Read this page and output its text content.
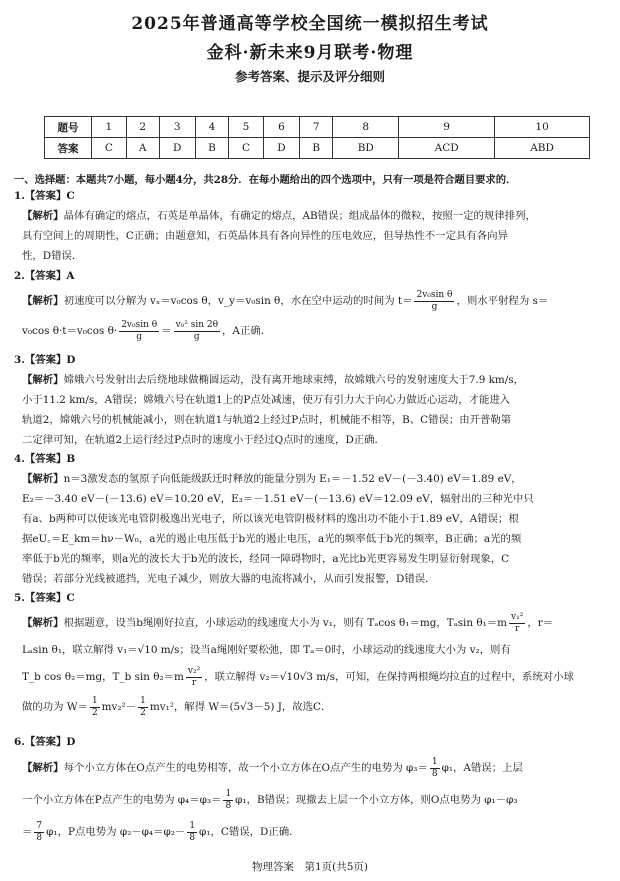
2025年普通高等学校全国统一模拟招生考试
金科·新未来9月联考·物理
参考答案、提示及评分细则
题号	1	2	3	4	5	6	7	8	9	10
答案	C	A	D	B	C	D	B	BD	ACD	ABD
一、选择题：本题共7小题，每小题4分，共28分．在每小题给出的四个选项中，只有一项是符合题目要求的．
1.【答案】C
【解析】晶体有确定的熔点，石英是单晶体，有确定的熔点，AB错误；组成晶体的微粒，按照一定的规律排列，
具有空间上的周期性，C正确；由题意知，石英晶体具有各向异性的压电效应，但导热性不一定具有各向异
性，D错误．
2.【答案】A
【解析】初速度可以分解为 vₓ＝v₀cos θ，v_y＝v₀sin θ，水在空中运动的时间为 $t= \frac{\text{2v₀sin θ}}{g}$ ，则水平射程为 s＝
v₀cos θ·t＝v₀cos $\theta\cdot \frac{\text{2v₀sin θ}}{g} = \frac{\text{v₀² sin 2θ}}{g}$ ，A正确．
3.【答案】D
【解析】嫦娥六号发射出去后绕地球做椭圆运动，没有离开地球束缚，故嫦娥六号的发射速度大于7.9 km/s，
小于11.2 km/s，A错误；嫦娥六号在轨道1上的P点处减速，使万有引力大于向心力做近心运动，才能进入
轨道2，嫦娥六号的机械能减小，则在轨道1与轨道2上经过P点时，机械能不相等，B、C错误；由开普勒第
二定律可知，在轨道2上运行经过P点时的速度小于经过Q点时的速度，D正确．
4.【答案】B
【解析】n＝3激发态的氢原子向低能级跃迁时释放的能量分别为 E₁＝－1.52 eV－(－3.40) eV＝1.89 eV，
E₂＝－3.40 eV－(－13.6) eV＝10.20 eV，E₃＝－1.51 eV－(－13.6) eV＝12.09 eV，辐射出的三种光中只
有a、b两种可以使该光电管阴极逸出光电子，所以该光电管阴极材料的逸出功不能小于1.89 eV，A错误；根
据eU꜀＝E_km＝hν－W₀，a光的遏止电压低于b光的遏止电压，a光的频率低于b光的频率，B正确；a光的频
率低于b光的频率，则a光的波长大于b光的波长，经同一障碍物时，a光比b光更容易发生明显衍射现象，C
错误；若部分光线被遮挡，光电子减少，则放大器的电流将减小，从而引发报警，D错误．
5.【答案】C
【解析】根据题意，设当b绳刚好拉直，小球运动的线速度大小为 v₁，则有 Tₐcos θ₁＝mg，Tₐsin $\theta_1=m \frac{\text{v₁²}}{r}$ ，r＝
Lₐsin θ₁，联立解得 v₁＝√10 m/s；设当a绳刚好要松弛，即 Tₐ＝0时，小球运动的线速度大小为 v₂，则有
T_b cos θ₂＝mg，T_b $\sin \theta_2=m \frac{\text{v₂²}}{r}$ ，联立解得 v₂＝√10√3 m/s，可知，在保持两根绳均拉直的过程中，系统对小球
做的功为 $W= \frac{1}{2} mv_2^2- \frac{1}{2} mv_1^2$，解得 W＝(5√3－5) J，故选C．
6.【答案】D
【解析】每个小立方体在O点产生的电势相等，故一个小立方体在O点产生的电势为 $\varphi_3= \frac{1}{8} \varphi_1$，A错误；上层
一个小立方体在P点产生的电势为 $\varphi_4=\varphi_3= \frac{1}{8} \varphi_1$，B错误；现撤去上层一个小立方体，则O点电势为 φ₁－φ₃
＝ $\frac{7}{8} \varphi_1$，P点电势为 $\varphi_2-\varphi_4=\varphi_2- \frac{1}{8} \varphi_1$，C错误，D正确．
物理答案　第1页(共5页)
